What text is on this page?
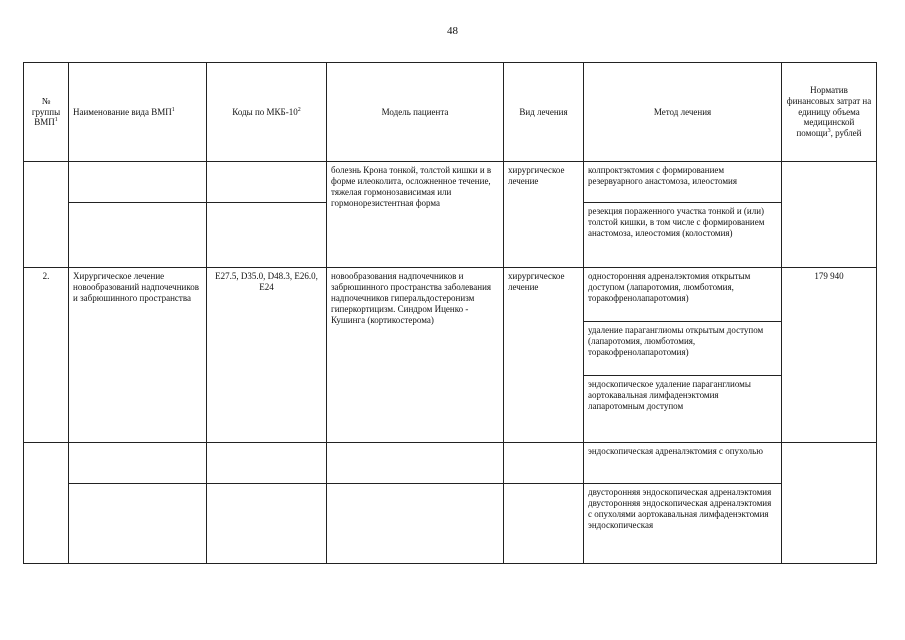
48
№ группы ВМП$^1$	Наименование вида ВМП$^1$	Коды по МКБ-$10^2$	Модель пациента	Вид лечения	Метод лечения	Норматив финансовых затрат на единицу объема медицинской помощи$^3$, рублей
			болезнь Крона тонкой, толстой кишки и в форме илеоколита, осложненное течение, тяжелая гормонозависимая или гормонорезистентная форма	хирургическое лечение	колпроктэктомия с формированием резервуарного анастомоза, илеостомия	
					резекция пораженного участка тонкой и (или) толстой кишки, в том числе с формированием анастомоза, илеостомия (колостомия)	
2.	Хирургическое лечение новообразований надпочечников и забрюшинного пространства	E27.5, D35.0, D48.3, E26.0, E24	новообразования надпочечников и забрюшинного пространства заболевания надпочечников гиперальдостеронизм гиперкортицизм. Синдром Иценко - Кушинга (кортикостерома)	хирургическое лечение	односторонняя адреналэктомия открытым доступом (лапаротомия, люмботомия, торакофренолапаротомия)	179 940
					удаление параганглиомы открытым доступом (лапаротомия, люмботомия, торакофренолапаротомия)	
					эндоскопическое удаление параганглиомы аортокавальная лимфаденэктомия лапаротомным доступом	
					эндоскопическая адреналэктомия с опухолью	
					двусторонняя эндоскопическая адреналэктомия двусторонняя эндоскопическая адреналэктомия с опухолями аортокавальная лимфаденэктомия эндоскопическая	
